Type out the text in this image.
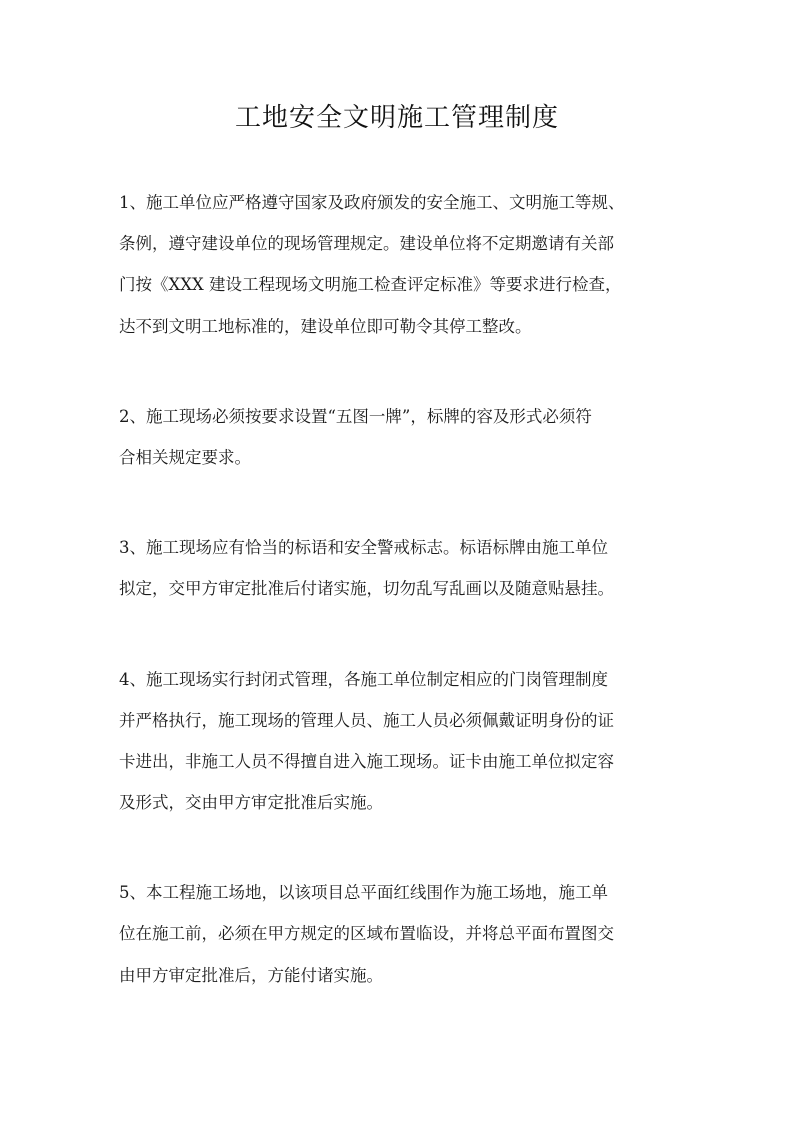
工地安全文明施工管理制度
1、施工单位应严格遵守国家及政府颁发的安全施工、文明施工等规、
条例，遵守建设单位的现场管理规定。建设单位将不定期邀请有关部
门按《XXX 建设工程现场文明施工检查评定标准》等要求进行检查，
达不到文明工地标准的，建设单位即可勒令其停工整改。
2、施工现场必须按要求设置“五图一牌”，标牌的容及形式必须符
合相关规定要求。
3、施工现场应有恰当的标语和安全警戒标志。标语标牌由施工单位
拟定，交甲方审定批准后付诸实施，切勿乱写乱画以及随意贴悬挂。
4、施工现场实行封闭式管理，各施工单位制定相应的门岗管理制度
并严格执行，施工现场的管理人员、施工人员必须佩戴证明身份的证
卡进出，非施工人员不得擅自进入施工现场。证卡由施工单位拟定容
及形式，交由甲方审定批准后实施。
5、本工程施工场地，以该项目总平面红线围作为施工场地，施工单
位在施工前，必须在甲方规定的区域布置临设，并将总平面布置图交
由甲方审定批准后，方能付诸实施。
